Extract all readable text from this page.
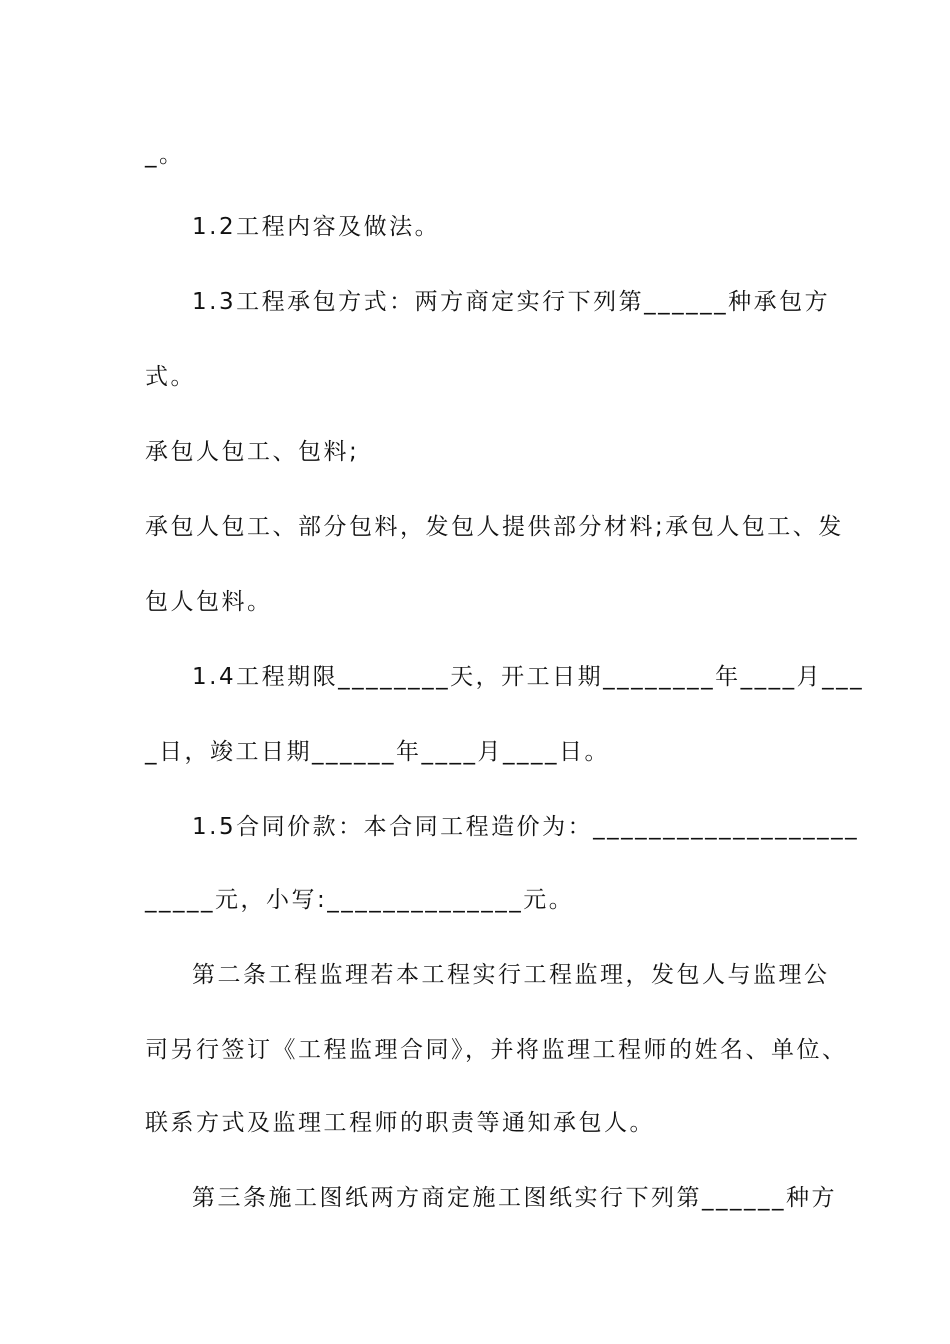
_。
1.2工程内容及做法。
1.3工程承包方式：两方商定实行下列第______种承包方
式。
承包人包工、包料;
承包人包工、部分包料，发包人提供部分材料;承包人包工、发
包人包料。
1.4工程期限________天，开工日期________年____月___
_日，竣工日期______年____月____日。
1.5合同价款：本合同工程造价为：___________________
_____元，小写:______________元。
第二条工程监理若本工程实行工程监理，发包人与监理公
司另行签订《工程监理合同》，并将监理工程师的姓名、单位、
联系方式及监理工程师的职责等通知承包人。
第三条施工图纸两方商定施工图纸实行下列第______种方
